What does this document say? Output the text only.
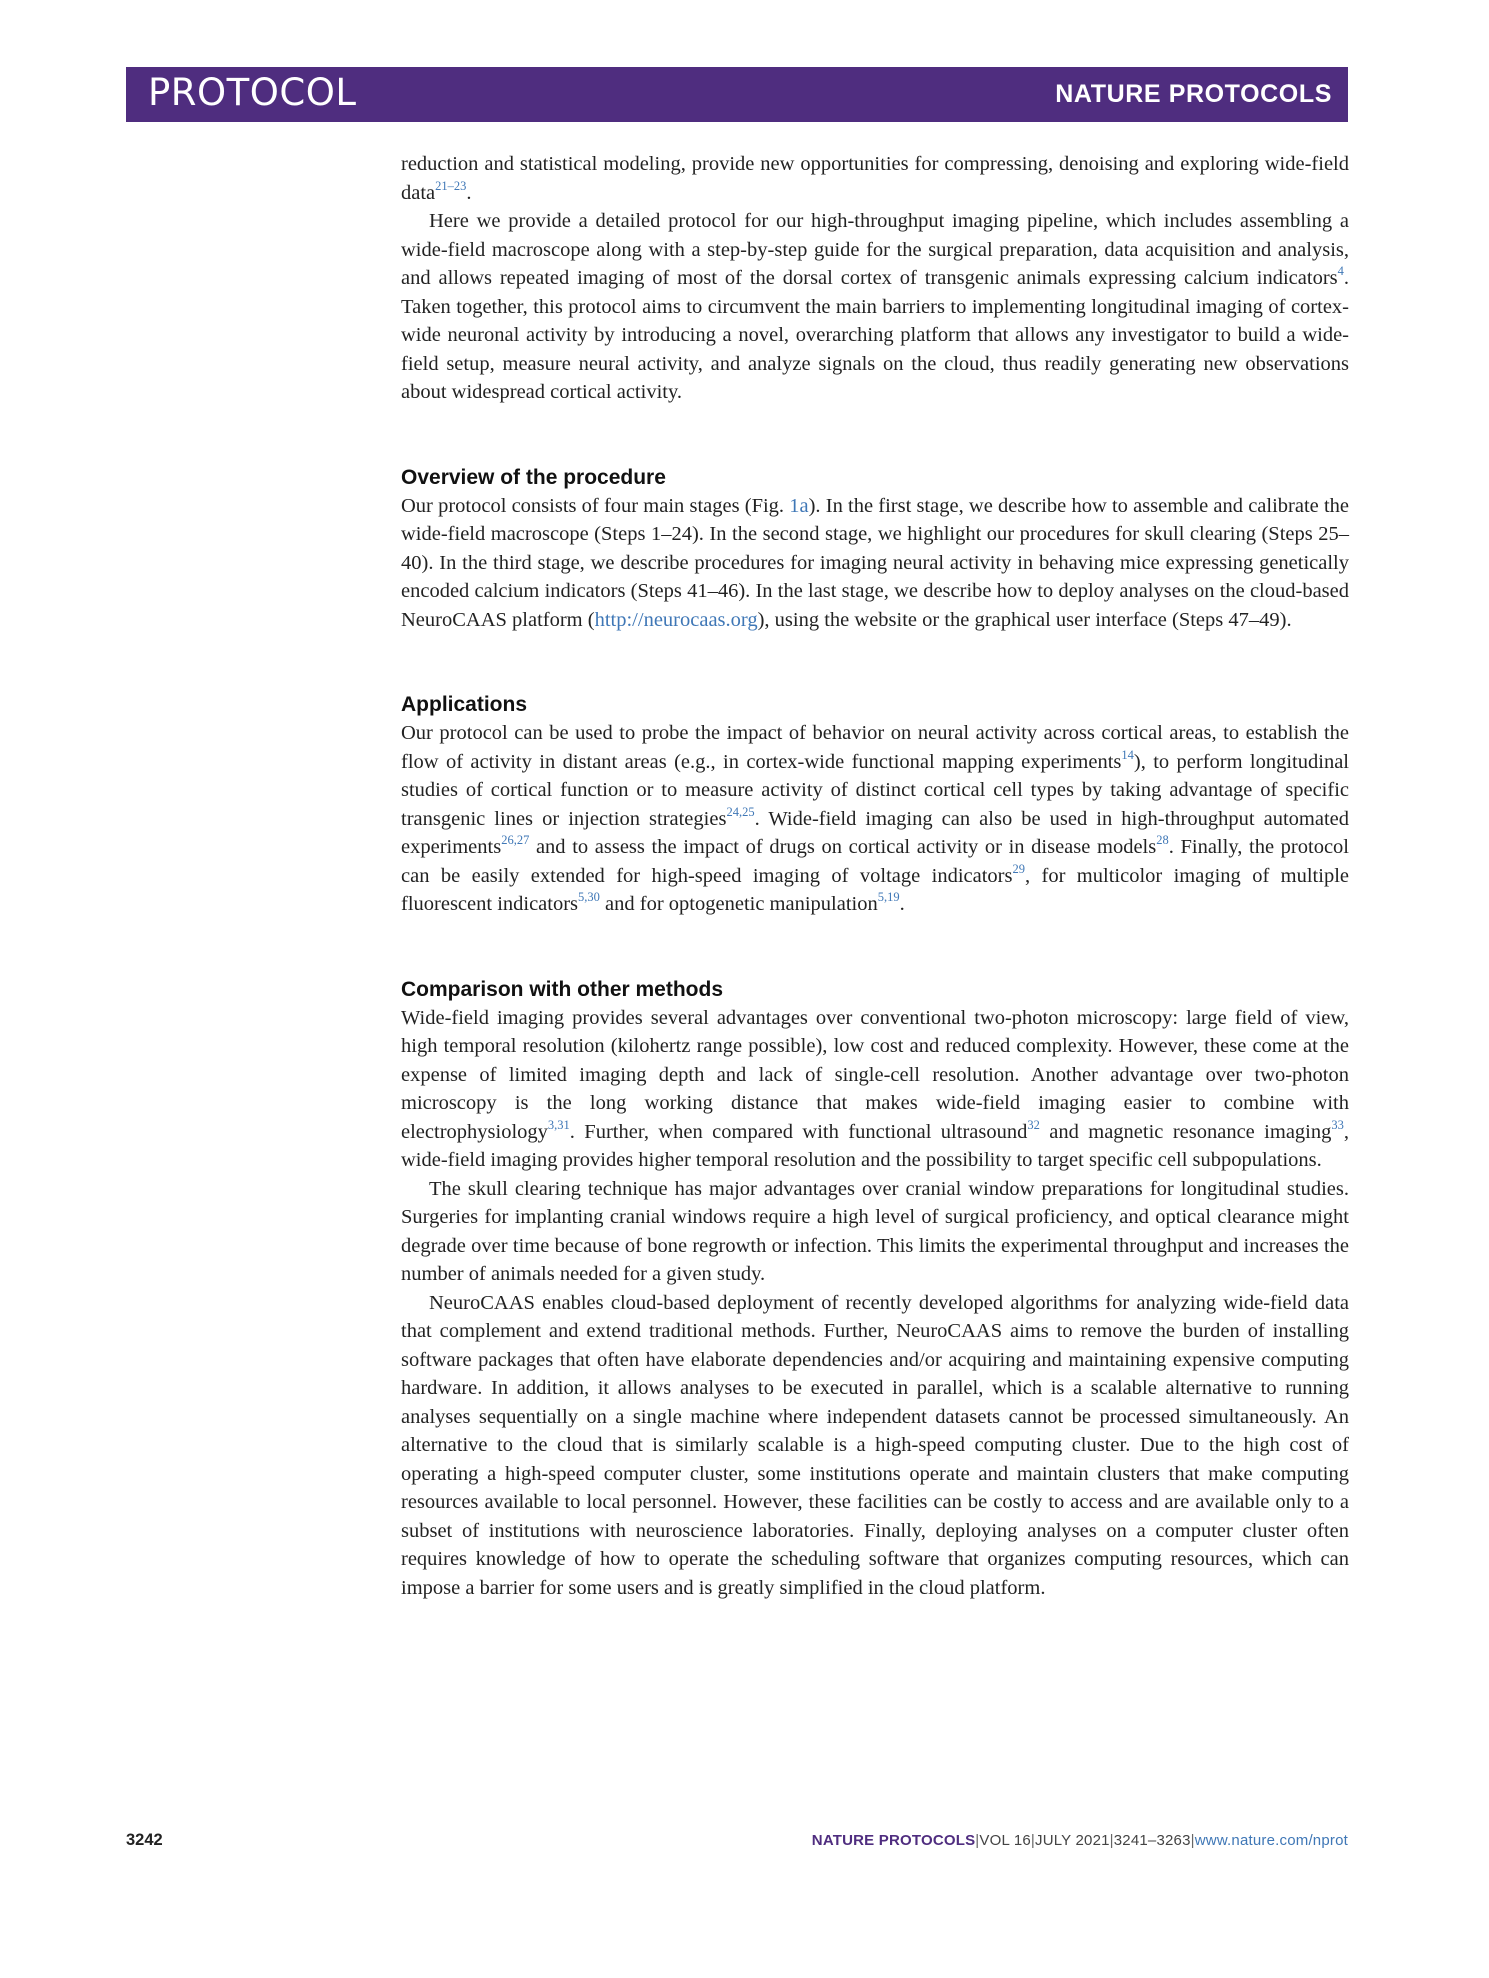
PROTOCOL	NATURE PROTOCOLS

reduction and statistical modeling, provide new opportunities for compressing, denoising and exploring wide-field data$^{21-23}$.

Here we provide a detailed protocol for our high-throughput imaging pipeline, which includes assembling a wide-field macroscope along with a step-by-step guide for the surgical preparation, data acquisition and analysis, and allows repeated imaging of most of the dorsal cortex of transgenic animals expressing calcium indicators$^4$. Taken together, this protocol aims to circumvent the main barriers to implementing longitudinal imaging of cortex-wide neuronal activity by introducing a novel, overarching platform that allows any investigator to build a wide-field setup, measure neural activity, and analyze signals on the cloud, thus readily generating new observations about widespread cortical activity.

Overview of the procedure

Our protocol consists of four main stages (Fig. 1a). In the first stage, we describe how to assemble and calibrate the wide-field macroscope (Steps 1–24). In the second stage, we highlight our procedures for skull clearing (Steps 25–40). In the third stage, we describe procedures for imaging neural activity in behaving mice expressing genetically encoded calcium indicators (Steps 41–46). In the last stage, we describe how to deploy analyses on the cloud-based NeuroCAAS platform (http://neurocaas.org), using the website or the graphical user interface (Steps 47–49).

Applications

Our protocol can be used to probe the impact of behavior on neural activity across cortical areas, to establish the flow of activity in distant areas (e.g., in cortex-wide functional mapping experiments$^{14}$), to perform longitudinal studies of cortical function or to measure activity of distinct cortical cell types by taking advantage of specific transgenic lines or injection strategies$^{24,25}$. Wide-field imaging can also be used in high-throughput automated experiments$^{26,27}$ and to assess the impact of drugs on cortical activity or in disease models$^{28}$. Finally, the protocol can be easily extended for high-speed imaging of voltage indicators$^{29}$, for multicolor imaging of multiple fluorescent indicators$^{5,30}$ and for optogenetic manipulation$^{5,19}$.

Comparison with other methods

Wide-field imaging provides several advantages over conventional two-photon microscopy: large field of view, high temporal resolution (kilohertz range possible), low cost and reduced complexity. However, these come at the expense of limited imaging depth and lack of single-cell resolution. Another advantage over two-photon microscopy is the long working distance that makes wide-field imaging easier to combine with electrophysiology$^{3,31}$. Further, when compared with functional ultrasound$^{32}$ and magnetic resonance imaging$^{33}$, wide-field imaging provides higher temporal resolution and the possibility to target specific cell subpopulations.

The skull clearing technique has major advantages over cranial window preparations for longitudinal studies. Surgeries for implanting cranial windows require a high level of surgical proficiency, and optical clearance might degrade over time because of bone regrowth or infection. This limits the experimental throughput and increases the number of animals needed for a given study.

NeuroCAAS enables cloud-based deployment of recently developed algorithms for analyzing wide-field data that complement and extend traditional methods. Further, NeuroCAAS aims to remove the burden of installing software packages that often have elaborate dependencies and/or acquiring and maintaining expensive computing hardware. In addition, it allows analyses to be executed in parallel, which is a scalable alternative to running analyses sequentially on a single machine where independent datasets cannot be processed simultaneously. An alternative to the cloud that is similarly scalable is a high-speed computing cluster. Due to the high cost of operating a high-speed computer cluster, some institutions operate and maintain clusters that make computing resources available to local personnel. However, these facilities can be costly to access and are available only to a subset of institutions with neuroscience laboratories. Finally, deploying analyses on a computer cluster often requires knowledge of how to operate the scheduling software that organizes computing resources, which can impose a barrier for some users and is greatly simplified in the cloud platform.

3242	NATURE PROTOCOLS|VOL 16|JULY 2021|3241–3263|www.nature.com/nprot
